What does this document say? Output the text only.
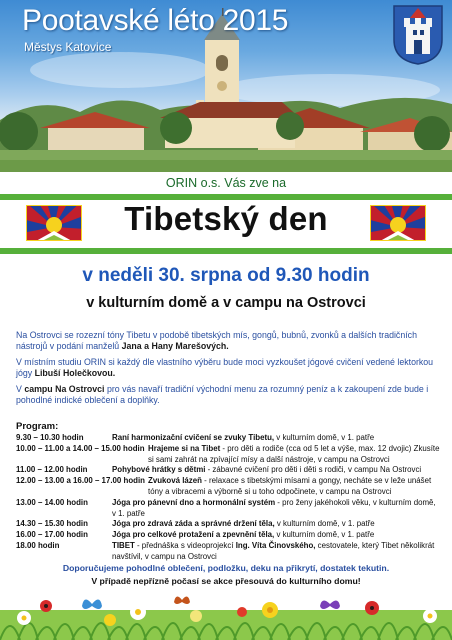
Pootavské léto 2015
Městys Katovice
ORIN o.s. Vás zve na
Tibetský den
v neděli 30. srpna od 9.30 hodin
v kulturním domě a v campu na Ostrovci

Na Ostrovci se rozezní tóny Tibetu v podobě tibetských mís, gongů, bubnů, zvonků a dalších tradičních nástrojů v podání manželů Jana a Hany Marešových.

V místním studiu ORIN si každý dle vlastního výběru bude moci vyzkoušet jógové cvičení vedené lektorkou jógy Libuší Holečkovou.

V campu Na Ostrovci pro vás navaří tradiční východní menu za rozumný peníz a k zakoupení zde bude i pohodlné indické oblečení a doplňky.

Program:
9.30 – 10.30 hodin	Raní harmonizační cvičení se zvuky Tibetu, v kulturním domě, v 1. patře
10.00 – 11.00 a 14.00 – 15.00 hodin Hrajeme si na Tibet - pro děti a rodiče (cca od 5 let a výše, max. 12 dvojic) Zkusíte si sami zahrát na zpívající mísy a další nástroje, v campu na Ostrovci
11.00 – 12.00 hodin	Pohybové hrátky s dětmi - zábavné cvičení pro děti i děti s rodiči, v campu Na Ostrovci
12.00 – 13.00 a 16.00 – 17.00 hodin Zvuková lázeň - relaxace s tibetskými mísami a gongy, necháte se v leže unášet tóny a vibracemi a výborně si u toho odpočinete, v campu na Ostrovci
13.00 – 14.00 hodin	Jóga pro pánevní dno a hormonální systém - pro ženy jakéhokoli věku, v kulturním domě, v 1. patře
14.30 – 15.30 hodin	Jóga pro zdravá záda a správné držení těla, v kulturním domě, v 1. patře
16.00 – 17.00 hodin	Jóga pro celkové protažení a zpevnění těla, v kulturním domě, v 1. patře
18.00 hodin	TIBET - přednáška s videoprojekcí Ing. Víta Činovského, cestovatele, který Tibet několikrát navštívil, v campu na Ostrovci
Doporučujeme pohodlné oblečení, podložku, deku na přikrytí, dostatek tekutin.
V případě nepřízně počasí se akce přesouvá do kulturního domu!
